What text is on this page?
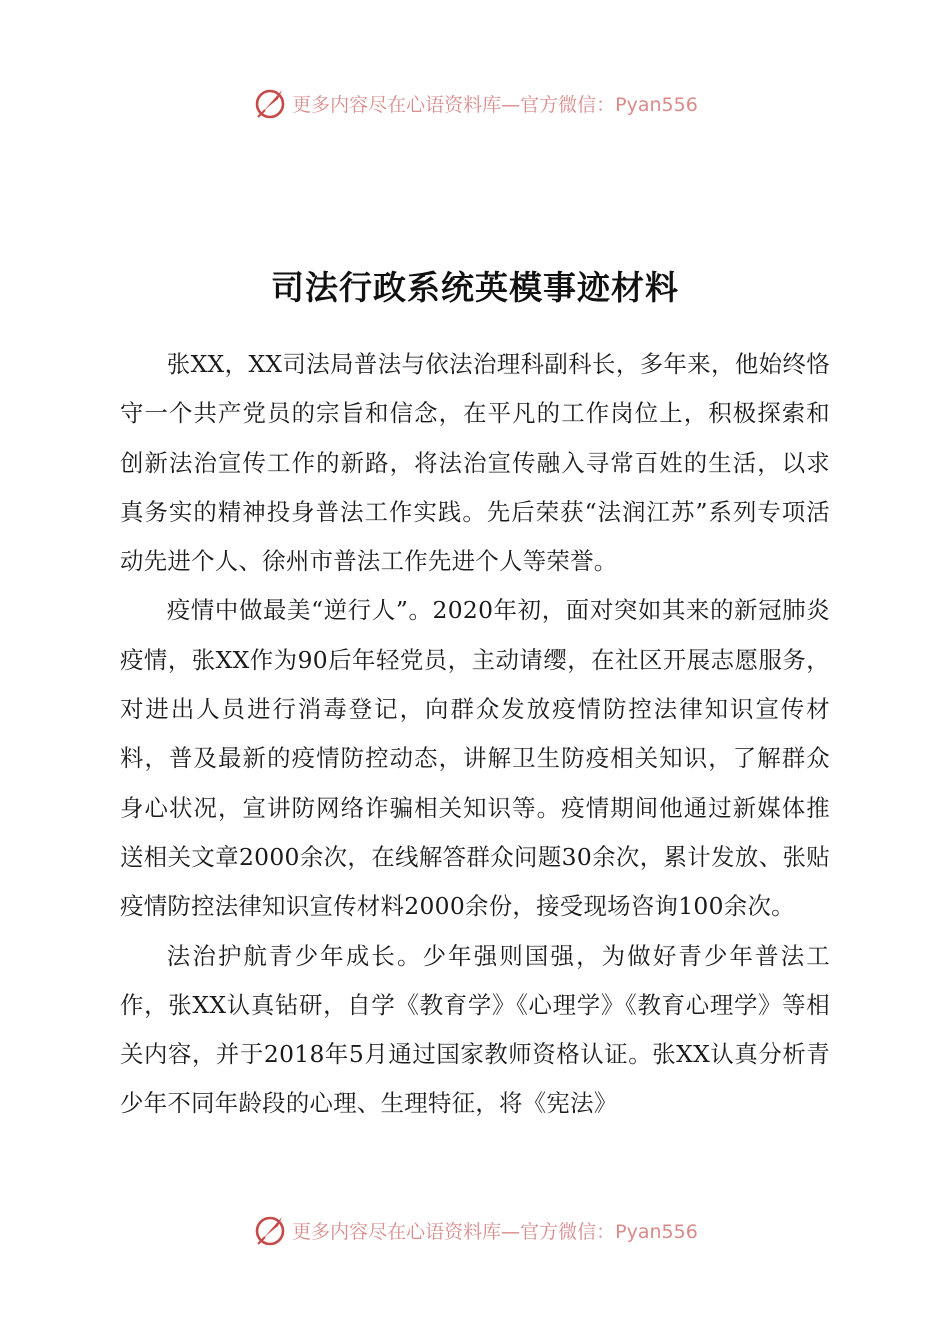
更多内容尽在心语资料库—官方微信：Pyan556
司法行政系统英模事迹材料

张XX，XX司法局普法与依法治理科副科长，多年来，他始终恪守一个共产党员的宗旨和信念，在平凡的工作岗位上，积极探索和创新法治宣传工作的新路，将法治宣传融入寻常百姓的生活，以求真务实的精神投身普法工作实践。先后荣获“法润江苏”系列专项活动先进个人、徐州市普法工作先进个人等荣誉。

疫情中做最美“逆行人”。2020年初，面对突如其来的新冠肺炎疫情，张XX作为90后年轻党员，主动请缨，在社区开展志愿服务，对进出人员进行消毒登记，向群众发放疫情防控法律知识宣传材料，普及最新的疫情防控动态，讲解卫生防疫相关知识，了解群众身心状况，宣讲防网络诈骗相关知识等。疫情期间他通过新媒体推送相关文章2000余次，在线解答群众问题30余次，累计发放、张贴疫情防控法律知识宣传材料2000余份，接受现场咨询100余次。

法治护航青少年成长。少年强则国强，为做好青少年普法工作，张XX认真钻研，自学《教育学》《心理学》《教育心理学》等相关内容，并于2018年5月通过国家教师资格认证。张XX认真分析青少年不同年龄段的心理、生理特征，将《宪法》

更多内容尽在心语资料库—官方微信：Pyan556
